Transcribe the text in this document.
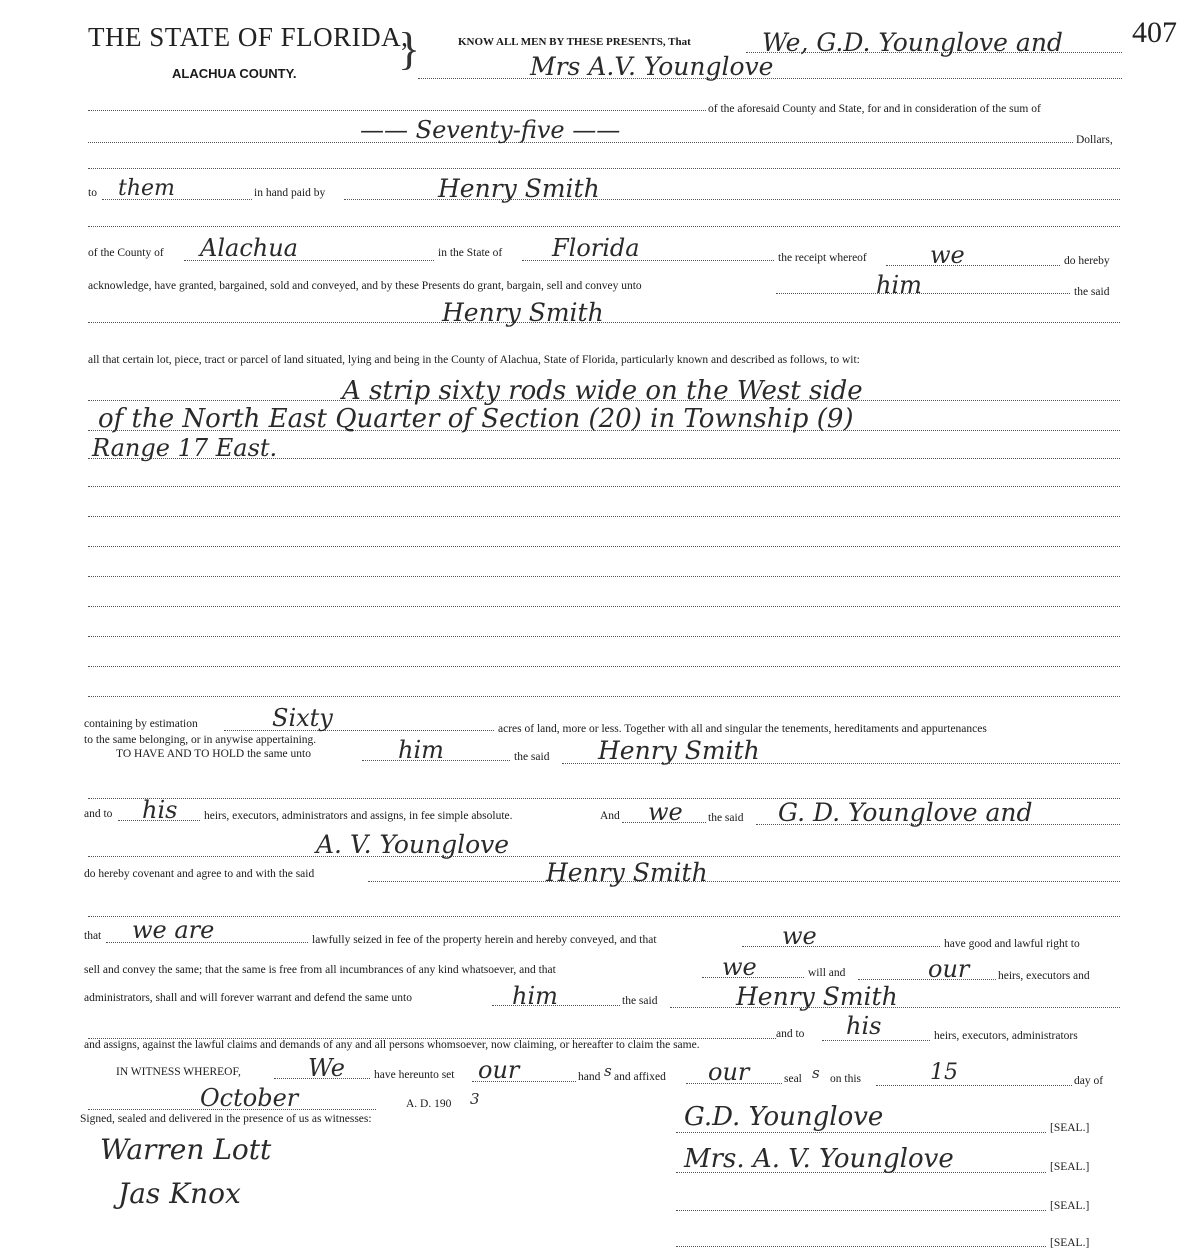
THE STATE OF FLORIDA,
}
ALACHUA COUNTY.
407
KNOW ALL MEN BY THESE PRESENTS, That	We, G.D. Younglove and
Mrs A.V. Younglove
of the aforesaid County and State, for and in consideration of the sum of
—— Seventy-five ——	Dollars,
to them	in hand paid by	Henry Smith
of the County of Alachua	in the State of Florida	the receipt whereof	we	do hereby
acknowledge, have granted, bargained, sold and conveyed, and by these Presents do grant, bargain, sell and convey unto	him	the said
Henry Smith
all that certain lot, piece, tract or parcel of land situated, lying and being in the County of Alachua, State of Florida, particularly known and described as follows, to wit:
A strip sixty rods wide on the West side
of the North East Quarter of Section (20) in Township (9)
Range 17 East.
containing by estimation	Sixty	acres of land, more or less. Together with all and singular the tenements, hereditaments and appurtenances
to the same belonging, or in anywise appertaining.
TO HAVE AND TO HOLD the same unto	him	the said Henry Smith
and to his heirs, executors, administrators and assigns, in fee simple absolute.	And we the said G. D. Younglove and
A. V. Younglove
do hereby covenant and agree to and with the said	Henry Smith
that we are	lawfully seized in fee of the property herein and hereby conveyed, and that	we	have good and lawful right to
sell and convey the same; that the same is free from all incumbrances of any kind whatsoever, and that	we	will and	our heirs, executors and
administrators, shall and will forever warrant and defend the same unto	him	the said	Henry Smith
and to his	heirs, executors, administrators
and assigns, against the lawful claims and demands of any and all persons whomsoever, now claiming, or hereafter to claim the same.
IN WITNESS WHEREOF,	We	have hereunto set our	hand s and affixed our	seal s on this	15	day of
October	A. D. 190 3
Signed, sealed and delivered in the presence of us as witnesses:
Warren Lott
Jas Knox
G.D. Younglove	[SEAL.]
Mrs. A. V. Younglove	[SEAL.]
[SEAL.]
[SEAL.]
